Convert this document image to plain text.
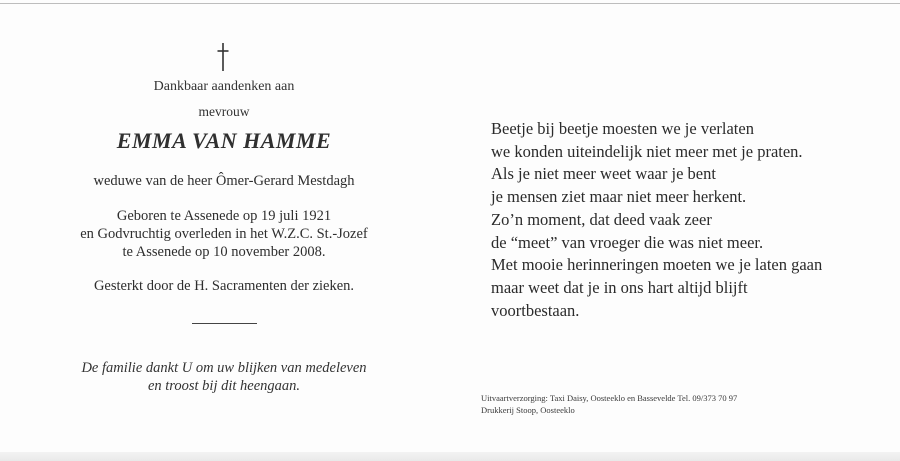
Dankbaar aandenken aan
mevrouw
EMMA VAN HAMME
weduwe van de heer Ômer-Gerard Mestdagh
Geboren te Assenede op 19 juli 1921
en Godvruchtig overleden in het W.Z.C. St.-Jozef
te Assenede op 10 november 2008.
Gesterkt door de H. Sacramenten der zieken.
De familie dankt U om uw blijken van medeleven
en troost bij dit heengaan.
Beetje bij beetje moesten we je verlaten
we konden uiteindelijk niet meer met je praten.
Als je niet meer weet waar je bent
je mensen ziet maar niet meer herkent.
Zo’n moment, dat deed vaak zeer
de “meet” van vroeger die was niet meer.
Met mooie herinneringen moeten we je laten gaan
maar weet dat je in ons hart altijd blijft
voortbestaan.
Uitvaartverzorging: Taxi Daisy, Oosteeklo en Bassevelde Tel. 09/373 70 97
Drukkerij Stoop, Oosteeklo
